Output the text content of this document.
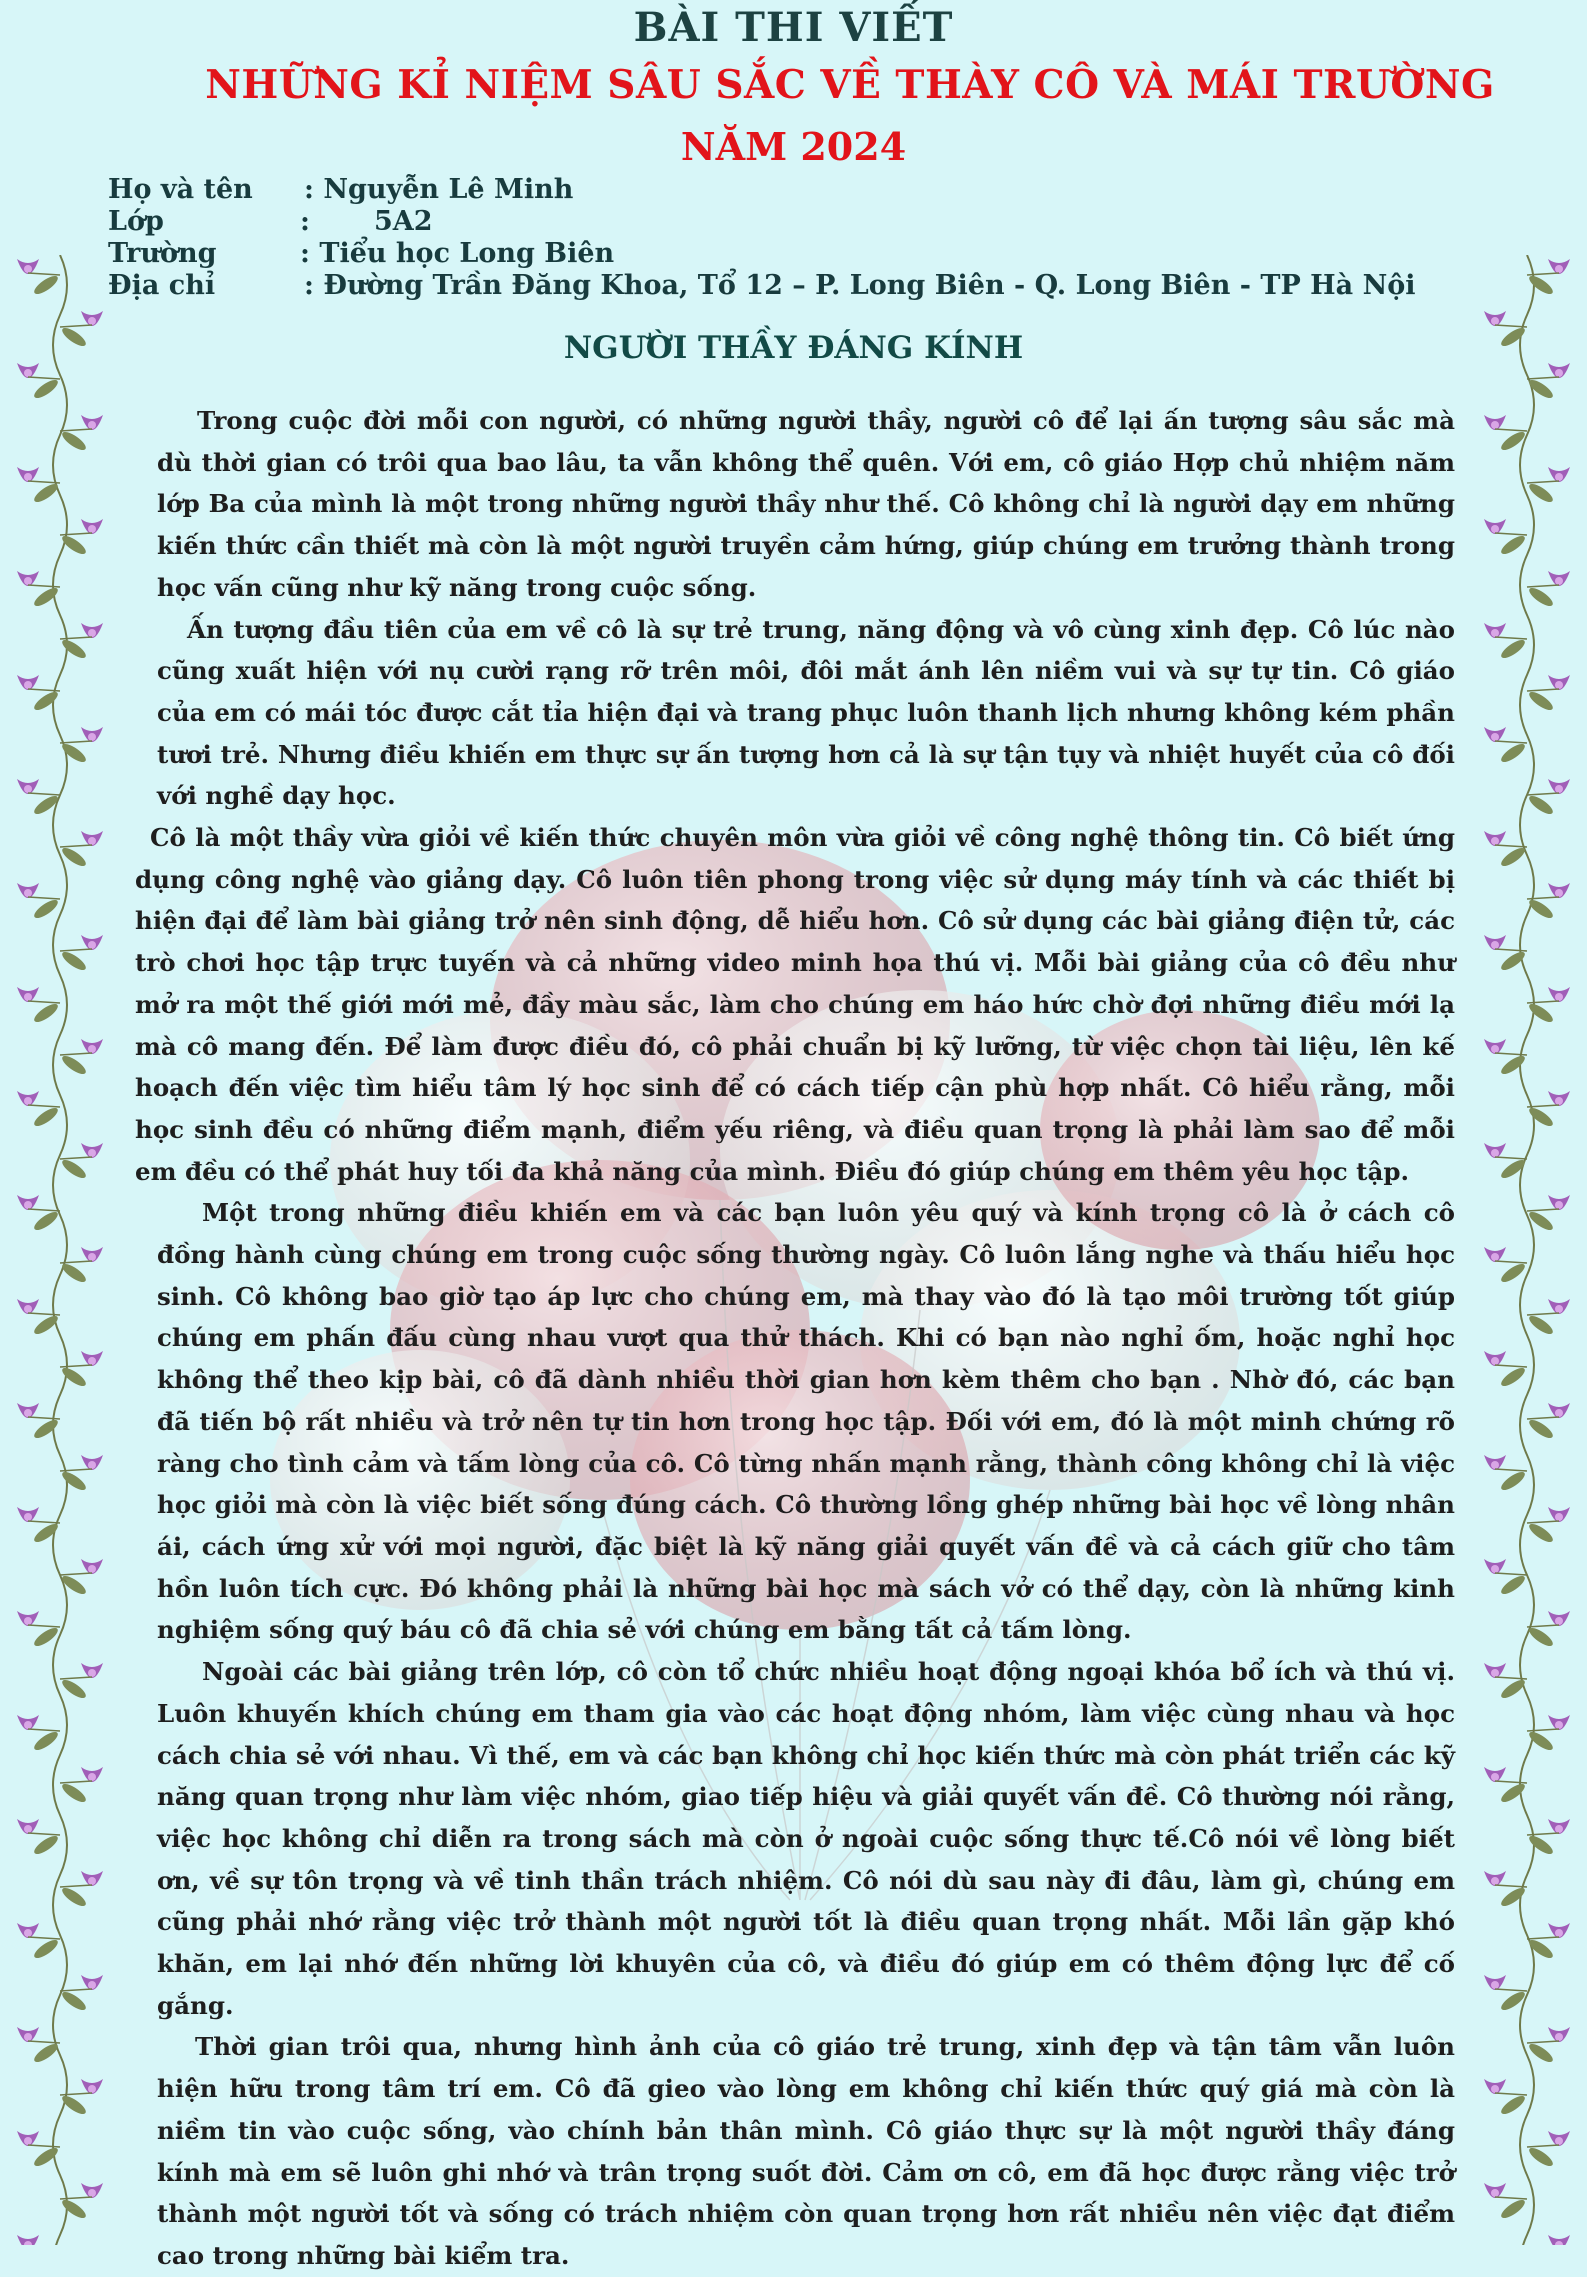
BÀI THI VIẾT
NHỮNG KỈ NIỆM SÂU SẮC VỀ THÀY CÔ VÀ MÁI TRƯỜNG
NĂM 2024
Họ và tên : Nguyễn Lê Minh
Lớp	: 5A2
Trường	: Tiểu học Long Biên
Địa chỉ	: Đường Trần Đăng Khoa, Tổ 12 – P. Long Biên - Q. Long Biên - TP Hà Nội
NGƯỜI THẦY ĐÁNG KÍNH

Trong cuộc đời mỗi con người, có những người thầy, người cô để lại ấn tượng sâu sắc mà dù thời gian có trôi qua bao lâu, ta vẫn không thể quên. Với em, cô giáo Hợp chủ nhiệm năm lớp Ba của mình là một trong những người thầy như thế. Cô không chỉ là người dạy em những kiến thức cần thiết mà còn là một người truyền cảm hứng, giúp chúng em trưởng thành trong học vấn cũng như kỹ năng trong cuộc sống.

Ấn tượng đầu tiên của em về cô là sự trẻ trung, năng động và vô cùng xinh đẹp. Cô lúc nào cũng xuất hiện với nụ cười rạng rỡ trên môi, đôi mắt ánh lên niềm vui và sự tự tin. Cô giáo của em có mái tóc được cắt tỉa hiện đại và trang phục luôn thanh lịch nhưng không kém phần tươi trẻ. Nhưng điều khiến em thực sự ấn tượng hơn cả là sự tận tụy và nhiệt huyết của cô đối với nghề dạy học.

Cô là một thầy vừa giỏi về kiến thức chuyên môn vừa giỏi về công nghệ thông tin. Cô biết ứng dụng công nghệ vào giảng dạy. Cô luôn tiên phong trong việc sử dụng máy tính và các thiết bị hiện đại để làm bài giảng trở nên sinh động, dễ hiểu hơn. Cô sử dụng các bài giảng điện tử, các trò chơi học tập trực tuyến và cả những video minh họa thú vị. Mỗi bài giảng của cô đều như mở ra một thế giới mới mẻ, đầy màu sắc, làm cho chúng em háo hức chờ đợi những điều mới lạ mà cô mang đến. Để làm được điều đó, cô phải chuẩn bị kỹ lưỡng, từ việc chọn tài liệu, lên kế hoạch đến việc tìm hiểu tâm lý học sinh để có cách tiếp cận phù hợp nhất. Cô hiểu rằng, mỗi học sinh đều có những điểm mạnh, điểm yếu riêng, và điều quan trọng là phải làm sao để mỗi em đều có thể phát huy tối đa khả năng của mình. Điều đó giúp chúng em thêm yêu học tập.

Một trong những điều khiến em và các bạn luôn yêu quý và kính trọng cô là ở cách cô đồng hành cùng chúng em trong cuộc sống thường ngày. Cô luôn lắng nghe và thấu hiểu học sinh. Cô không bao giờ tạo áp lực cho chúng em, mà thay vào đó là tạo môi trường tốt giúp chúng em phấn đấu cùng nhau vượt qua thử thách. Khi có bạn nào nghỉ ốm, hoặc nghỉ học không thể theo kịp bài, cô đã dành nhiều thời gian hơn kèm thêm cho bạn . Nhờ đó, các bạn đã tiến bộ rất nhiều và trở nên tự tin hơn trong học tập. Đối với em, đó là một minh chứng rõ ràng cho tình cảm và tấm lòng của cô. Cô từng nhấn mạnh rằng, thành công không chỉ là việc học giỏi mà còn là việc biết sống đúng cách. Cô thường lồng ghép những bài học về lòng nhân ái, cách ứng xử với mọi người, đặc biệt là kỹ năng giải quyết vấn đề và cả cách giữ cho tâm hồn luôn tích cực. Đó không phải là những bài học mà sách vở có thể dạy, còn là những kinh nghiệm sống quý báu cô đã chia sẻ với chúng em bằng tất cả tấm lòng.

Ngoài các bài giảng trên lớp, cô còn tổ chức nhiều hoạt động ngoại khóa bổ ích và thú vị. Luôn khuyến khích chúng em tham gia vào các hoạt động nhóm, làm việc cùng nhau và học cách chia sẻ với nhau. Vì thế, em và các bạn không chỉ học kiến thức mà còn phát triển các kỹ năng quan trọng như làm việc nhóm, giao tiếp hiệu và giải quyết vấn đề. Cô thường nói rằng, việc học không chỉ diễn ra trong sách mà còn ở ngoài cuộc sống thực tế.Cô nói về lòng biết ơn, về sự tôn trọng và về tinh thần trách nhiệm. Cô nói dù sau này đi đâu, làm gì, chúng em cũng phải nhớ rằng việc trở thành một người tốt là điều quan trọng nhất. Mỗi lần gặp khó khăn, em lại nhớ đến những lời khuyên của cô, và điều đó giúp em có thêm động lực để cố gắng.

Thời gian trôi qua, nhưng hình ảnh của cô giáo trẻ trung, xinh đẹp và tận tâm vẫn luôn hiện hữu trong tâm trí em. Cô đã gieo vào lòng em không chỉ kiến thức quý giá mà còn là niềm tin vào cuộc sống, vào chính bản thân mình. Cô giáo thực sự là một người thầy đáng kính mà em sẽ luôn ghi nhớ và trân trọng suốt đời. Cảm ơn cô, em đã học được rằng việc trở thành một người tốt và sống có trách nhiệm còn quan trọng hơn rất nhiều nên việc đạt điểm cao trong những bài kiểm tra.
